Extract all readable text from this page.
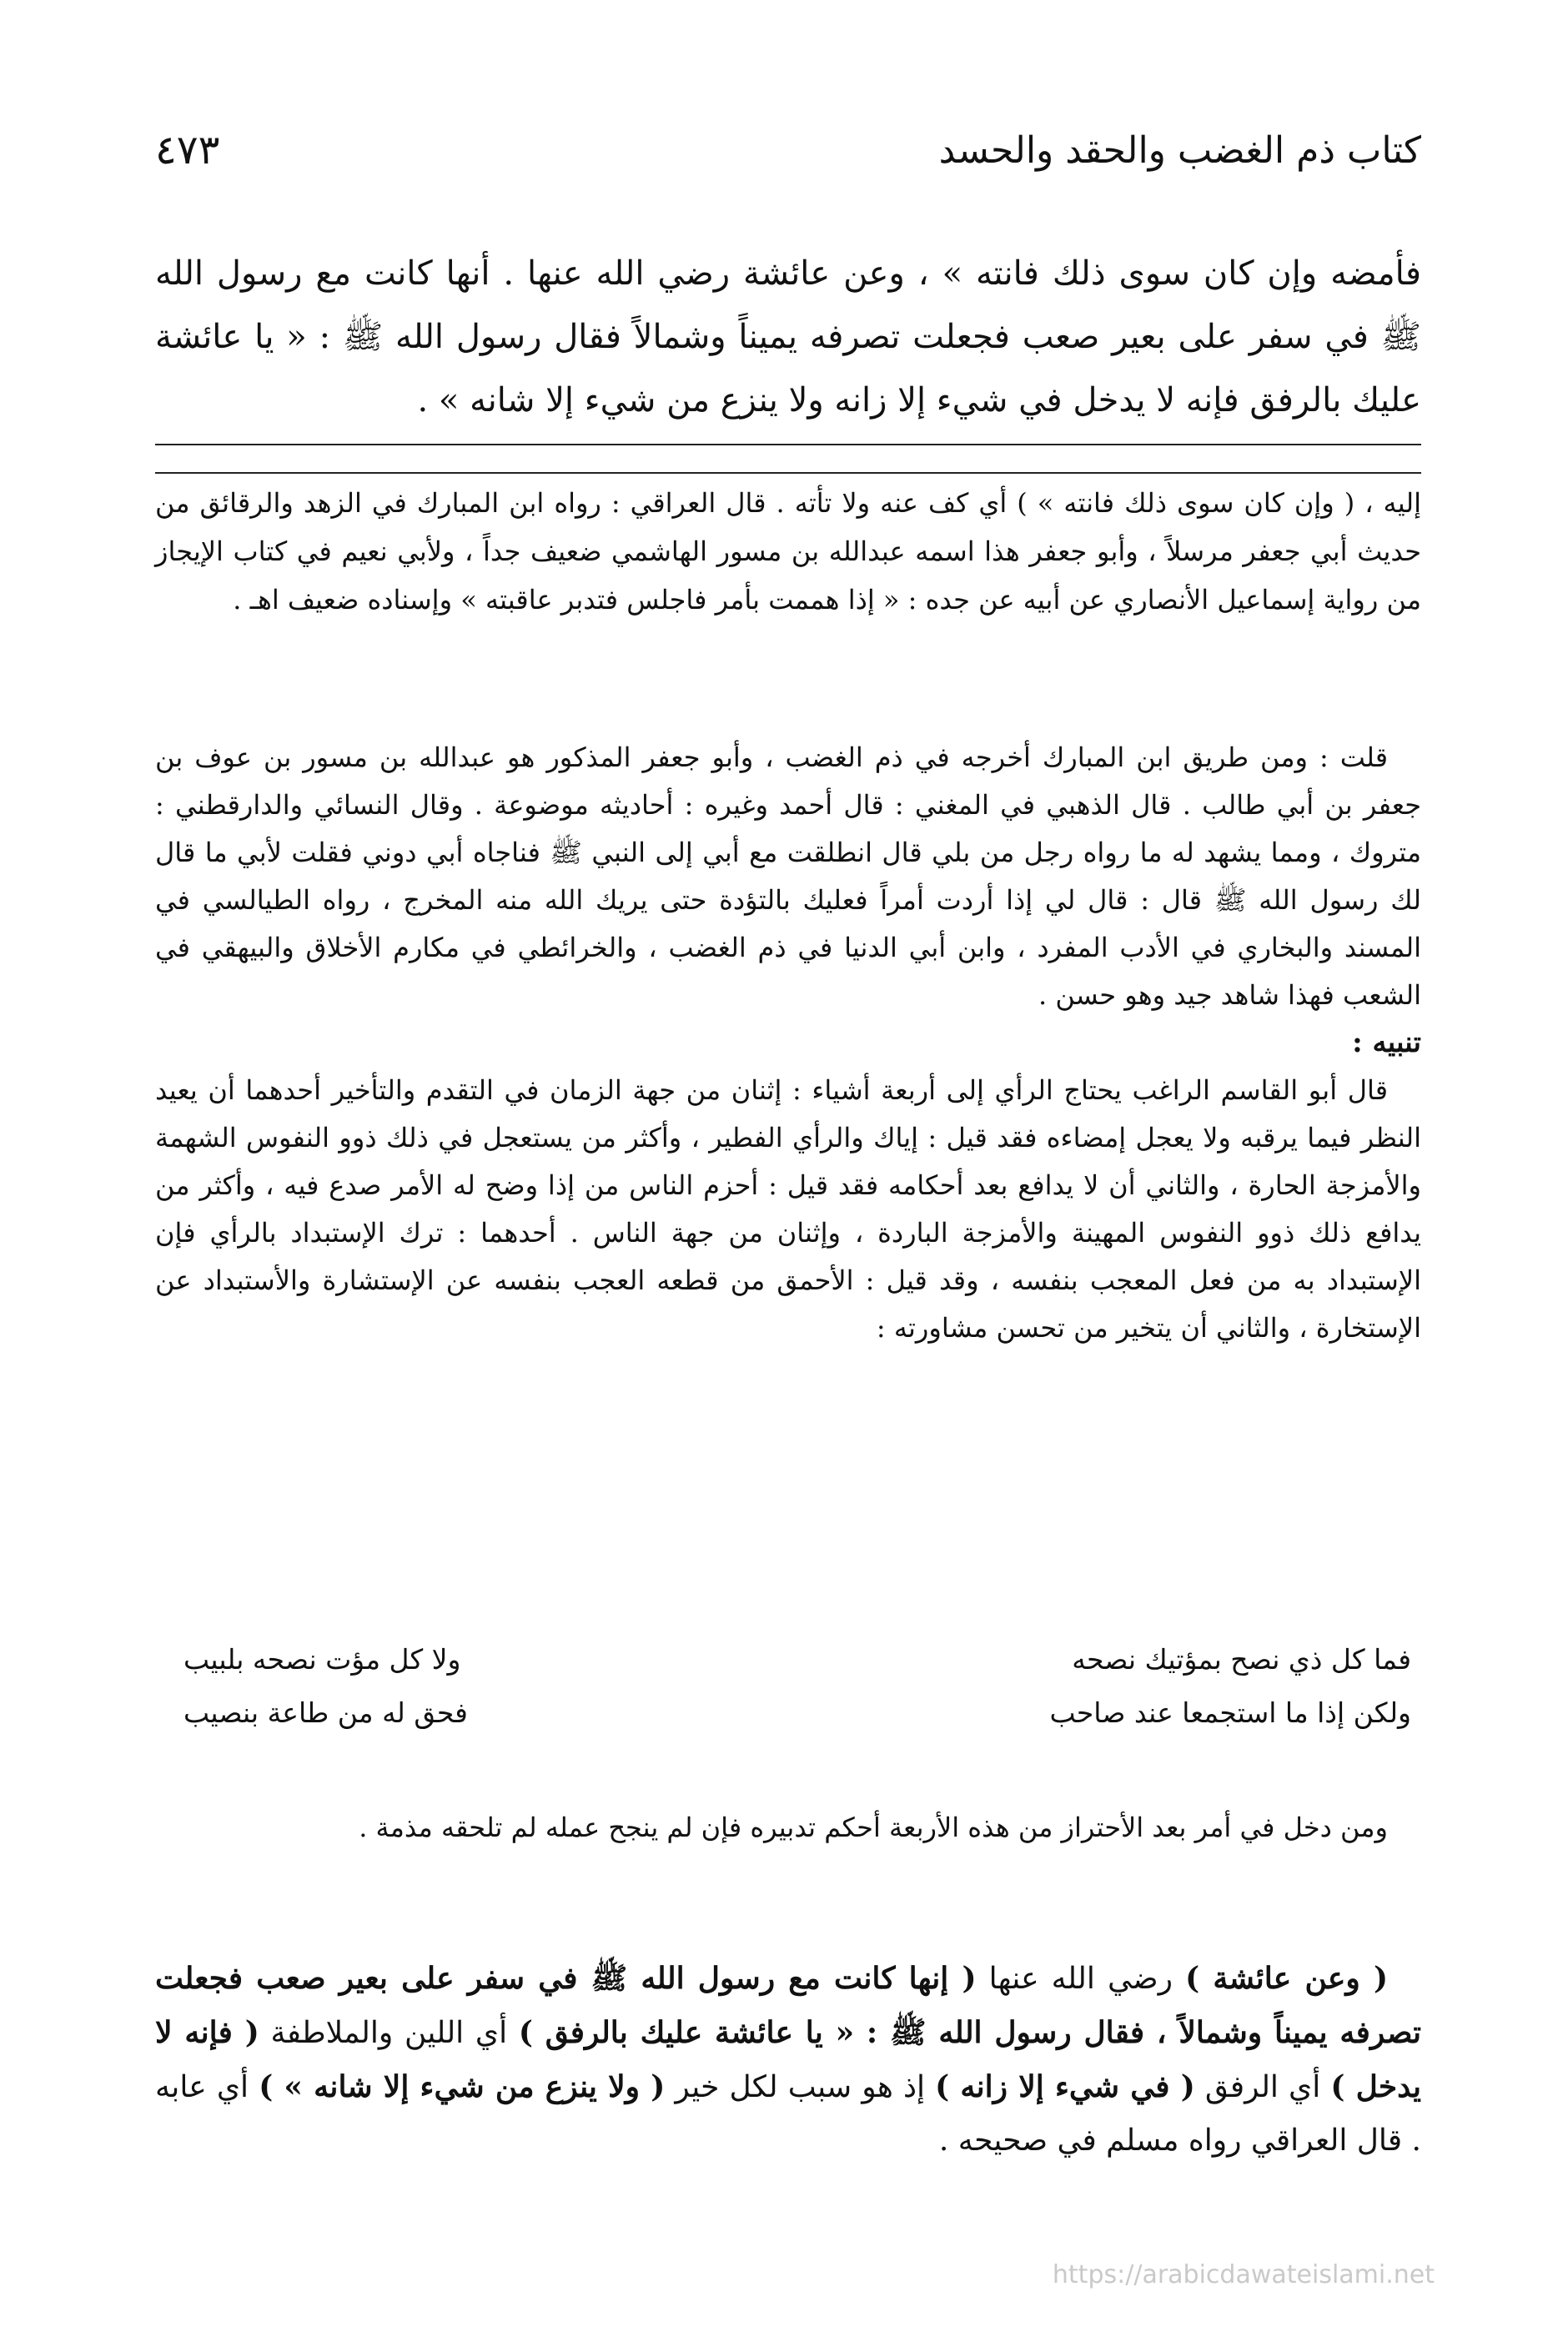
كتاب ذم الغضب والحقد والحسد
٤٧٣

فأمضه وإن كان سوى ذلك فانته » ، وعن عائشة رضي الله عنها . أنها كانت مع رسول الله ﷺ في سفر على بعير صعب فجعلت تصرفه يميناً وشمالاً فقال رسول الله ﷺ : « يا عائشة عليك بالرفق فإنه لا يدخل في شيء إلا زانه ولا ينزع من شيء إلا شانه » .

إليه ، ( وإن كان سوى ذلك فانته » ) أي كف عنه ولا تأته . قال العراقي : رواه ابن المبارك في الزهد والرقائق من حديث أبي جعفر مرسلاً ، وأبو جعفر هذا اسمه عبدالله بن مسور الهاشمي ضعيف جداً ، ولأبي نعيم في كتاب الإيجاز من رواية إسماعيل الأنصاري عن أبيه عن جده : « إذا هممت بأمر فاجلس فتدبر عاقبته » وإسناده ضعيف اهـ .

قلت : ومن طريق ابن المبارك أخرجه في ذم الغضب ، وأبو جعفر المذكور هو عبدالله بن مسور بن عوف بن جعفر بن أبي طالب . قال الذهبي في المغني : قال أحمد وغيره : أحاديثه موضوعة . وقال النسائي والدارقطني : متروك ، ومما يشهد له ما رواه رجل من بلي قال انطلقت مع أبي إلى النبي ﷺ فناجاه أبي دوني فقلت لأبي ما قال لك رسول الله ﷺ قال : قال لي إذا أردت أمراً فعليك بالتؤدة حتى يريك الله منه المخرج ، رواه الطيالسي في المسند والبخاري في الأدب المفرد ، وابن أبي الدنيا في ذم الغضب ، والخرائطي في مكارم الأخلاق والبيهقي في الشعب فهذا شاهد جيد وهو حسن .

تنبيه :

قال أبو القاسم الراغب يحتاج الرأي إلى أربعة أشياء : إثنان من جهة الزمان في التقدم والتأخير أحدهما أن يعيد النظر فيما يرقبه ولا يعجل إمضاءه فقد قيل : إياك والرأي الفطير ، وأكثر من يستعجل في ذلك ذوو النفوس الشهمة والأمزجة الحارة ، والثاني أن لا يدافع بعد أحكامه فقد قيل : أحزم الناس من إذا وضح له الأمر صدع فيه ، وأكثر من يدافع ذلك ذوو النفوس المهينة والأمزجة الباردة ، وإثنان من جهة الناس . أحدهما : ترك الإستبداد بالرأي فإن الإستبداد به من فعل المعجب بنفسه ، وقد قيل : الأحمق من قطعه العجب بنفسه عن الإستشارة والأستبداد عن الإستخارة ، والثاني أن يتخير من تحسن مشاورته :

فما كل ذي نصح بمؤتيك نصحه
ولا كل مؤت نصحه بلبيب
ولكن إذا ما استجمعا عند صاحب
فحق له من طاعة بنصيب

ومن دخل في أمر بعد الأحتراز من هذه الأربعة أحكم تدبيره فإن لم ينجح عمله لم تلحقه مذمة .

( وعن عائشة ) رضي الله عنها ( إنها كانت مع رسول الله ﷺ في سفر على بعير صعب فجعلت تصرفه يميناً وشمالاً ، فقال رسول الله ﷺ : « يا عائشة عليك بالرفق ) أي اللين والملاطفة ( فإنه لا يدخل ) أي الرفق ( في شيء إلا زانه ) إذ هو سبب لكل خير ( ولا ينزع من شيء إلا شانه » ) أي عابه . قال العراقي رواه مسلم في صحيحه .

https://arabicdawateislami.net
